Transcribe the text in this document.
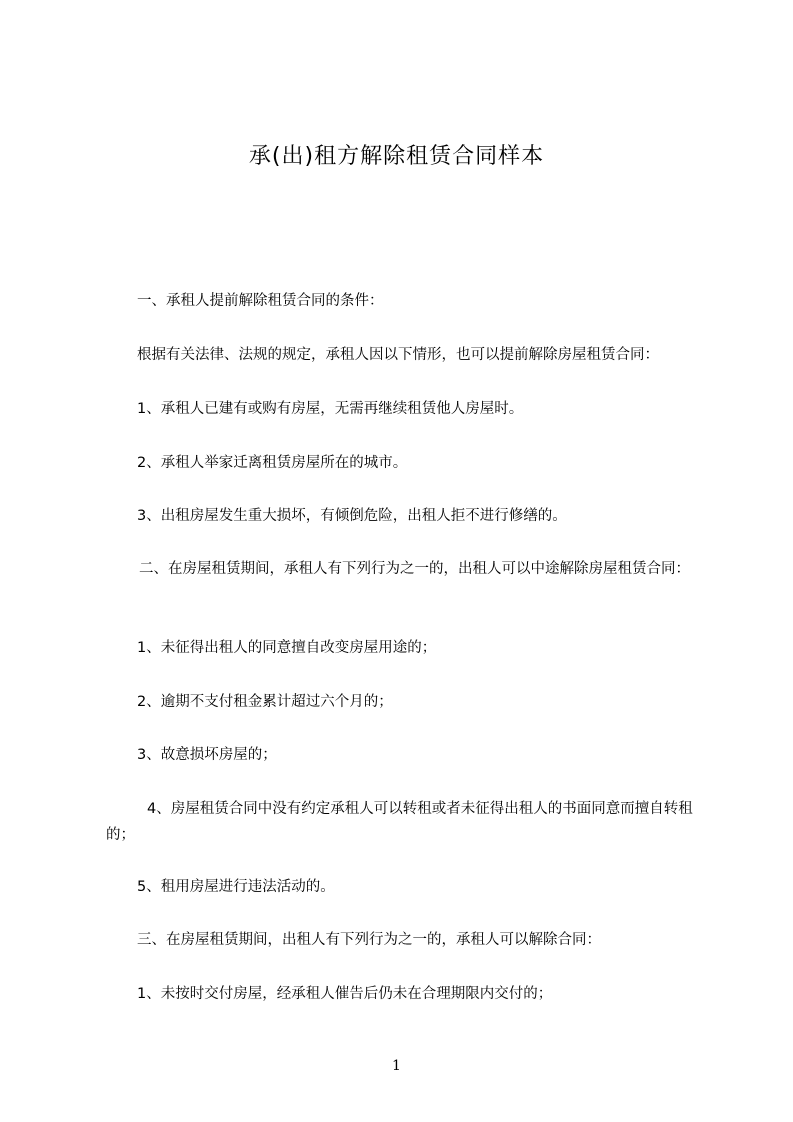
承(出)租方解除租赁合同样本

一、承租人提前解除租赁合同的条件：

根据有关法律、法规的规定，承租人因以下情形，也可以提前解除房屋租赁合同：

1、承租人已建有或购有房屋，无需再继续租赁他人房屋时。

2、承租人举家迁离租赁房屋所在的城市。

3、出租房屋发生重大损坏，有倾倒危险，出租人拒不进行修缮的。

二、在房屋租赁期间，承租人有下列行为之一的，出租人可以中途解除房屋租赁合同：

1、未征得出租人的同意擅自改变房屋用途的；

2、逾期不支付租金累计超过六个月的；

3、故意损坏房屋的；

4、房屋租赁合同中没有约定承租人可以转租或者未征得出租人的书面同意而擅自转租的；

5、租用房屋进行违法活动的。

三、在房屋租赁期间，出租人有下列行为之一的，承租人可以解除合同：

1、未按时交付房屋，经承租人催告后仍未在合理期限内交付的；

1
